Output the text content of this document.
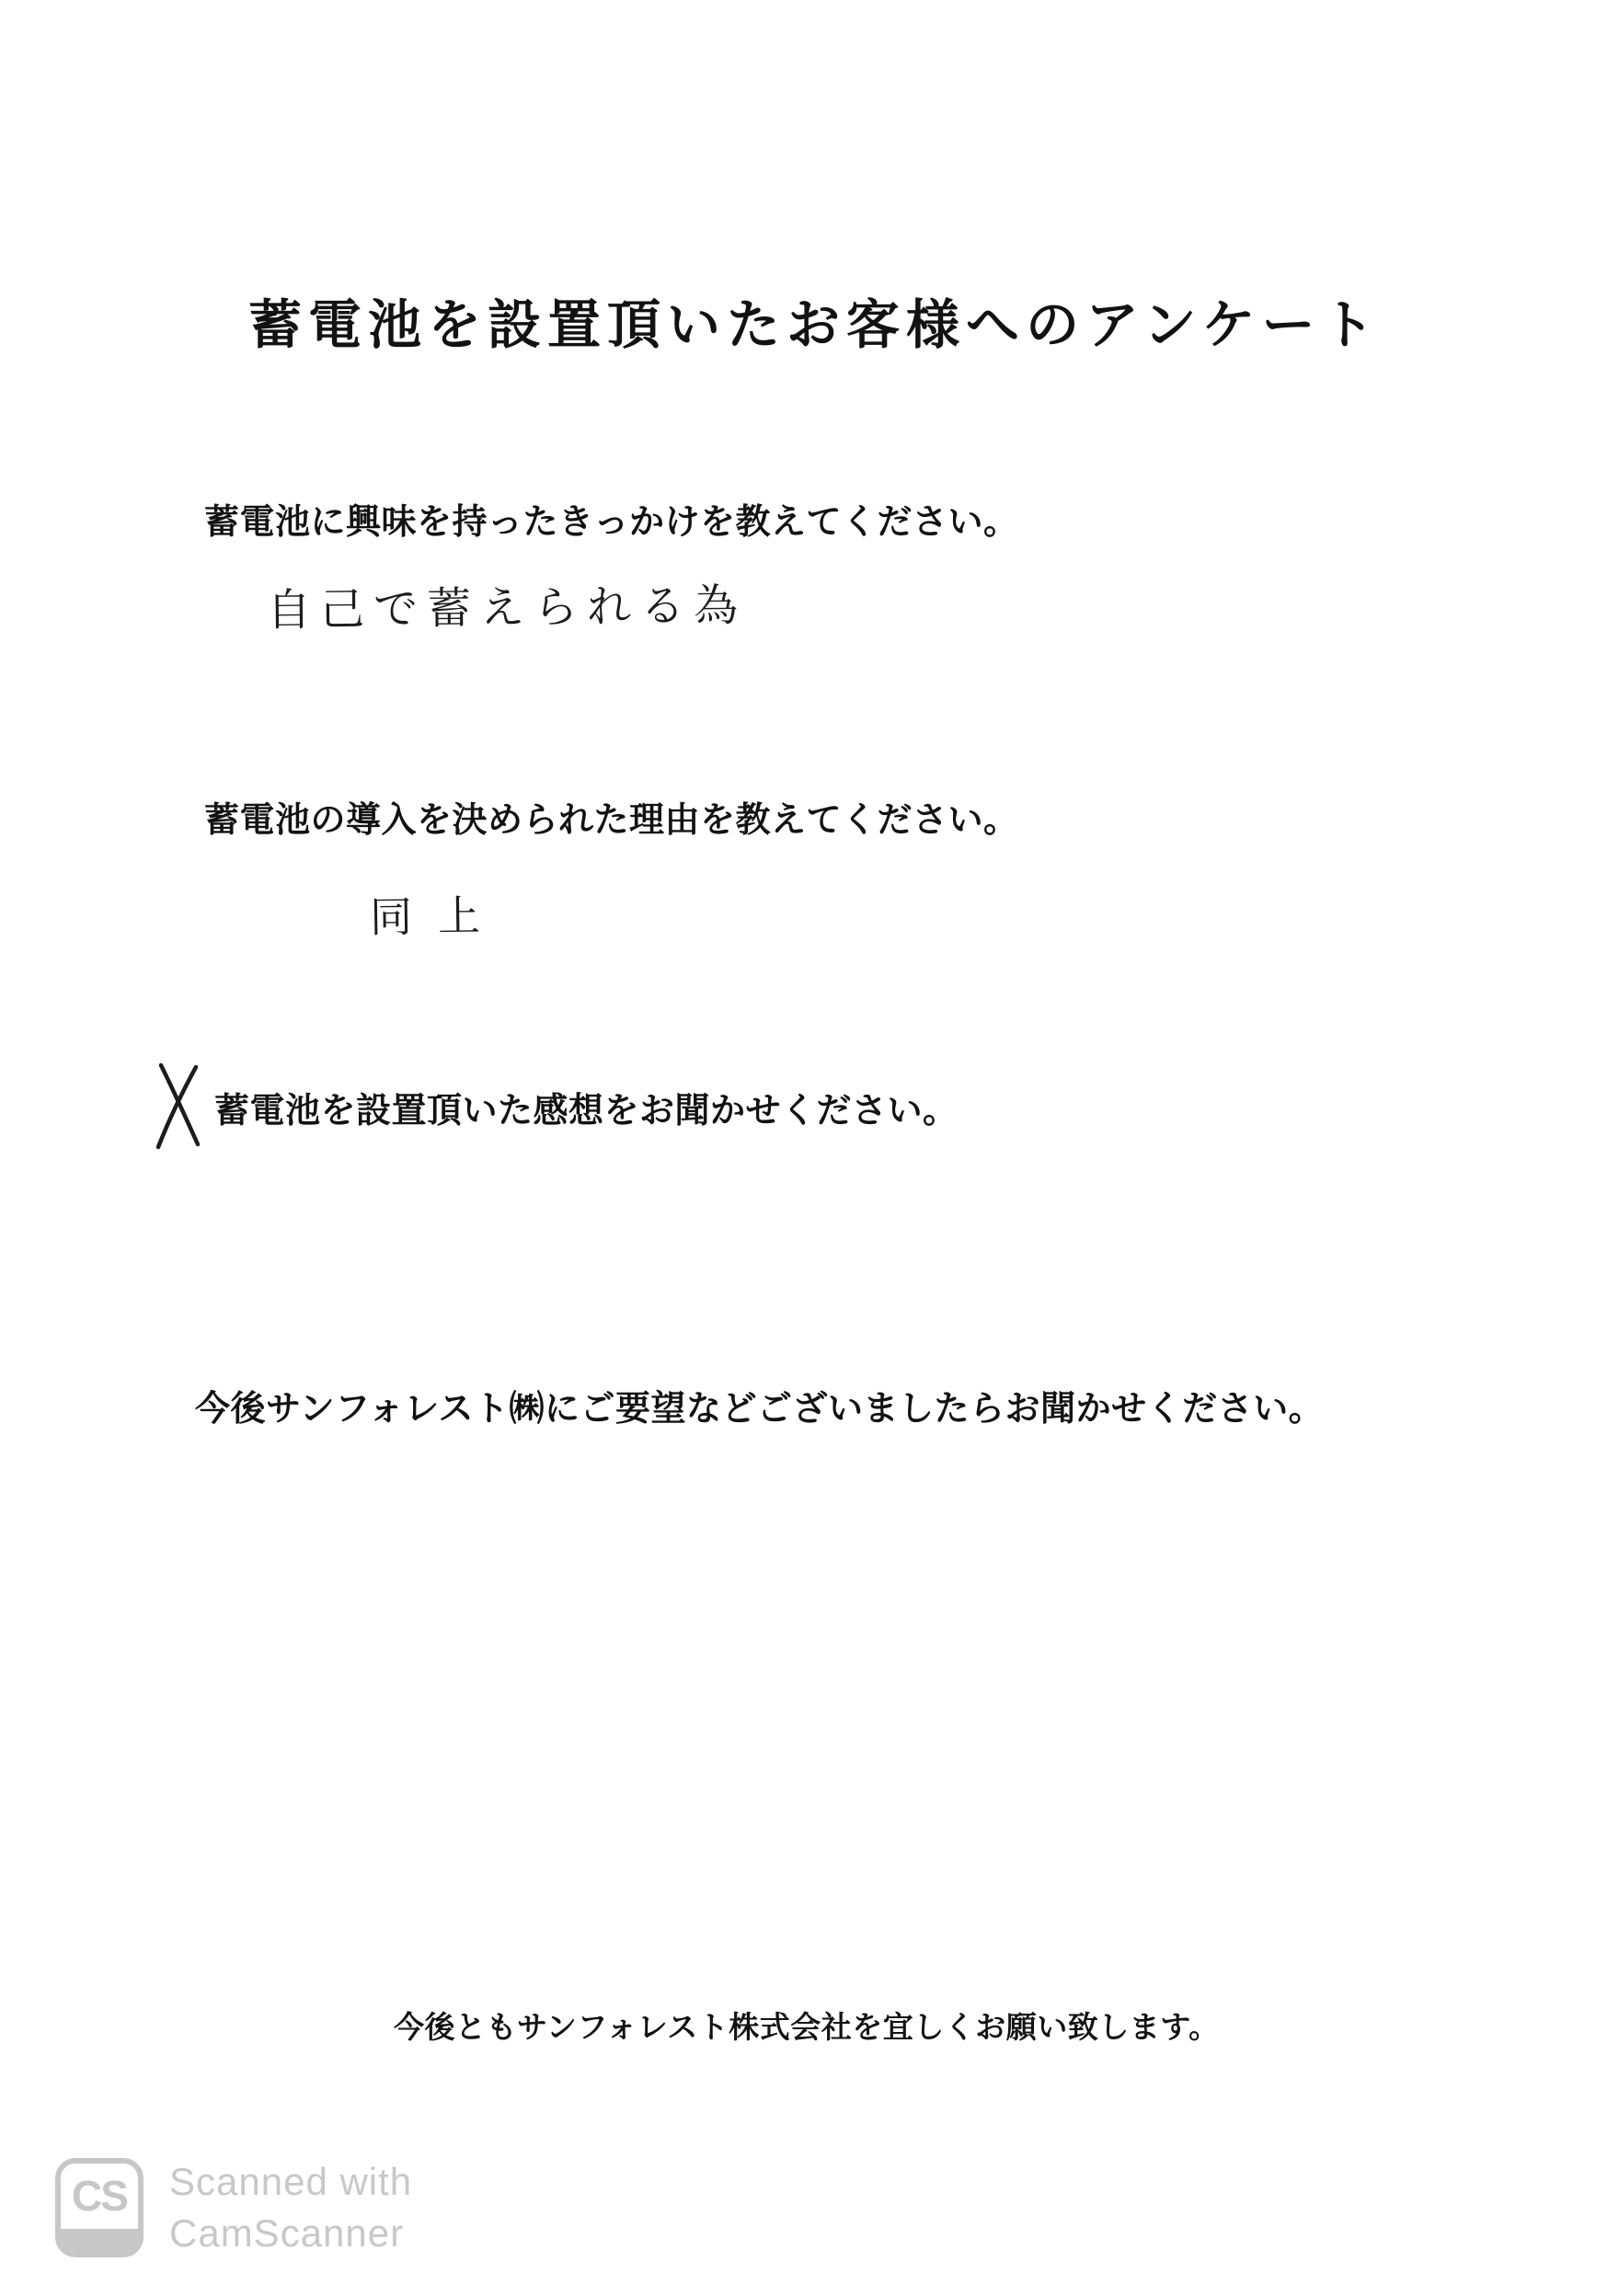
蓄電池を設置頂いたお客様へのアンケート
蓄電池に興味を持ったきっかけを教えてください。
自己で蓄えられる為
蓄電池の導入を決められた理由を教えてください。
同上
蓄電池を設置頂いた感想をお聞かせください。
今後サンフォレスト㈱にご要望などございましたらお聞かせください。
今後ともサンフォレスト株式会社を宜しくお願い致します。
CS Scanned with
CamScanner
